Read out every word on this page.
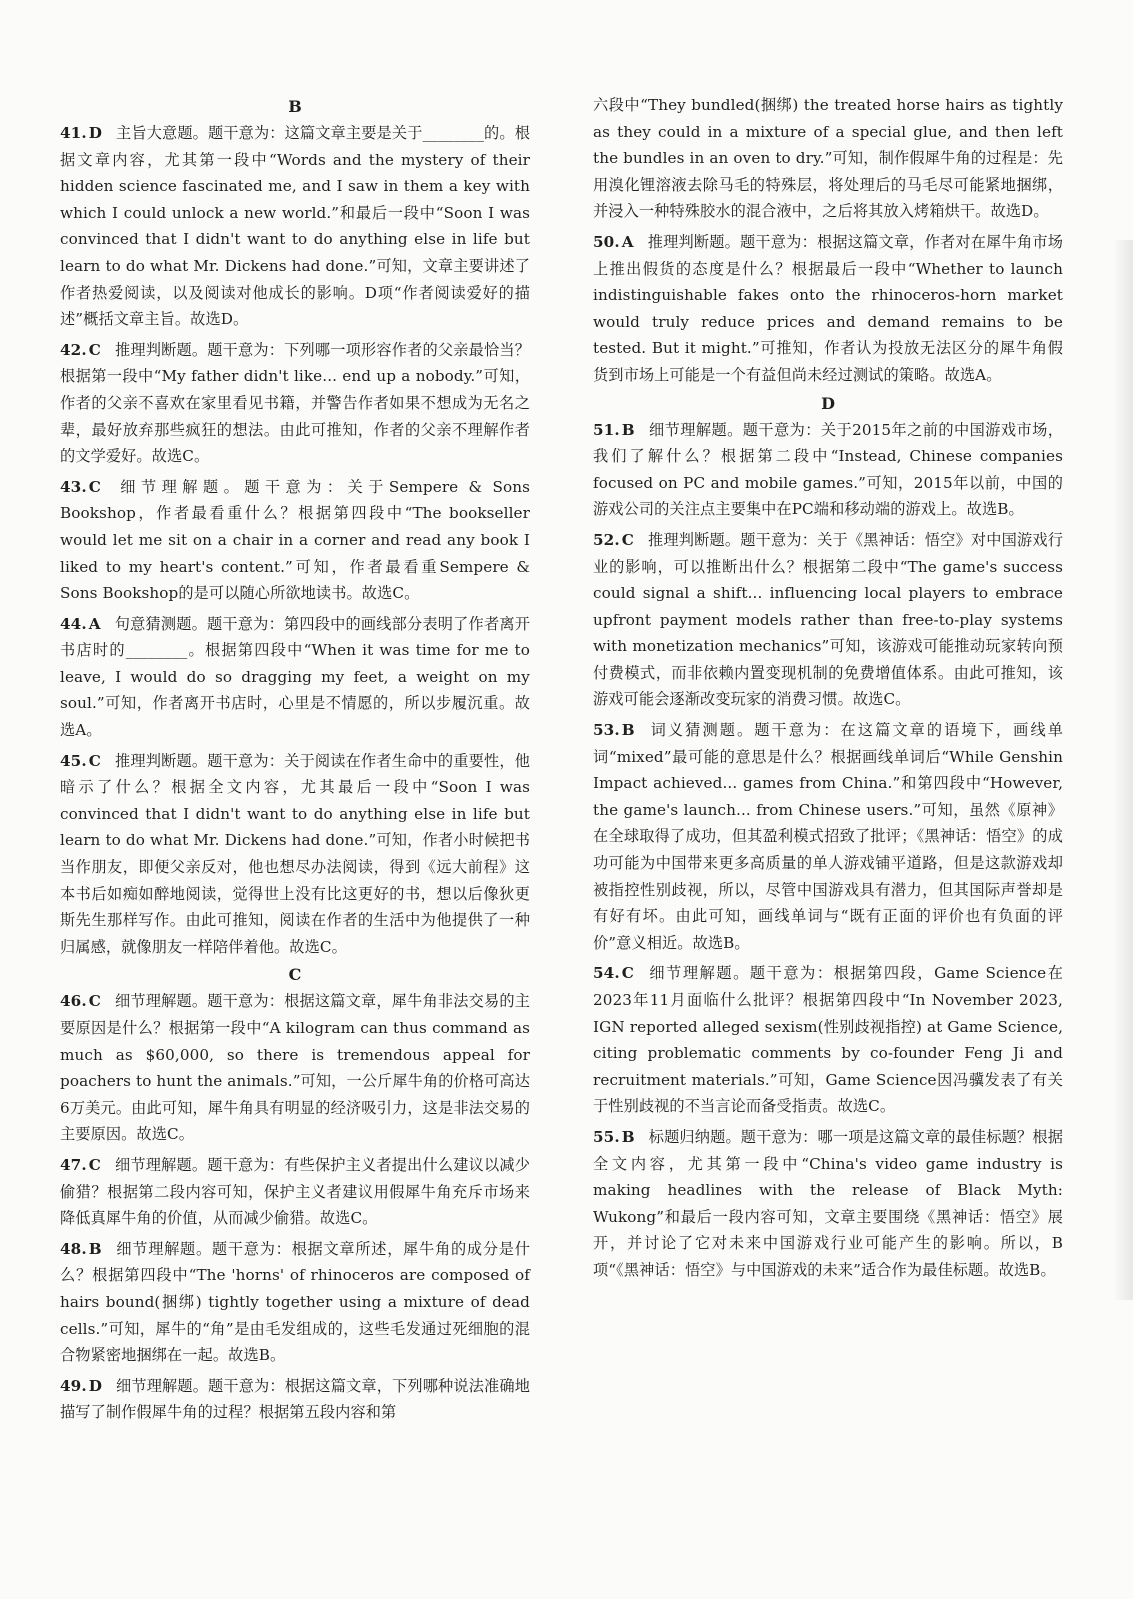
B
41. D 主旨大意题。题干意为：这篇文章主要是关于________的。根据文章内容，尤其第一段中“Words and the mystery of their hidden science fascinated me, and I saw in them a key with which I could unlock a new world.”和最后一段中“Soon I was convinced that I didn't want to do anything else in life but learn to do what Mr. Dickens had done.”可知，文章主要讲述了作者热爱阅读，以及阅读对他成长的影响。D项“作者阅读爱好的描述”概括文章主旨。故选D。
42. C 推理判断题。题干意为：下列哪一项形容作者的父亲最恰当？根据第一段中“My father didn't like... end up a nobody.”可知，作者的父亲不喜欢在家里看见书籍，并警告作者如果不想成为无名之辈，最好放弃那些疯狂的想法。由此可推知，作者的父亲不理解作者的文学爱好。故选C。
43. C 细节理解题。题干意为：关于Sempere & Sons Bookshop，作者最看重什么？根据第四段中“The bookseller would let me sit on a chair in a corner and read any book I liked to my heart's content.”可知，作者最看重Sempere & Sons Bookshop的是可以随心所欲地读书。故选C。
44. A 句意猜测题。题干意为：第四段中的画线部分表明了作者离开书店时的________。根据第四段中“When it was time for me to leave, I would do so dragging my feet, a weight on my soul.”可知，作者离开书店时，心里是不情愿的，所以步履沉重。故选A。
45. C 推理判断题。题干意为：关于阅读在作者生命中的重要性，他暗示了什么？根据全文内容，尤其最后一段中“Soon I was convinced that I didn't want to do anything else in life but learn to do what Mr. Dickens had done.”可知，作者小时候把书当作朋友，即便父亲反对，他也想尽办法阅读，得到《远大前程》这本书后如痴如醉地阅读，觉得世上没有比这更好的书，想以后像狄更斯先生那样写作。由此可推知，阅读在作者的生活中为他提供了一种归属感，就像朋友一样陪伴着他。故选C。
C
46. C 细节理解题。题干意为：根据这篇文章，犀牛角非法交易的主要原因是什么？根据第一段中“A kilogram can thus command as much as $60,000, so there is tremendous appeal for poachers to hunt the animals.”可知，一公斤犀牛角的价格可高达6万美元。由此可知，犀牛角具有明显的经济吸引力，这是非法交易的主要原因。故选C。
47. C 细节理解题。题干意为：有些保护主义者提出什么建议以减少偷猎？根据第二段内容可知，保护主义者建议用假犀牛角充斥市场来降低真犀牛角的价值，从而减少偷猎。故选C。
48. B 细节理解题。题干意为：根据文章所述，犀牛角的成分是什么？根据第四段中“The 'horns' of rhinoceros are composed of hairs bound(捆绑) tightly together using a mixture of dead cells.”可知，犀牛的“角”是由毛发组成的，这些毛发通过死细胞的混合物紧密地捆绑在一起。故选B。
49. D 细节理解题。题干意为：根据这篇文章，下列哪种说法准确地描写了制作假犀牛角的过程？根据第五段内容和第
六段中“They bundled(捆绑) the treated horse hairs as tightly as they could in a mixture of a special glue, and then left the bundles in an oven to dry.”可知，制作假犀牛角的过程是：先用溴化锂溶液去除马毛的特殊层，将处理后的马毛尽可能紧地捆绑，并浸入一种特殊胶水的混合液中，之后将其放入烤箱烘干。故选D。
50. A 推理判断题。题干意为：根据这篇文章，作者对在犀牛角市场上推出假货的态度是什么？根据最后一段中“Whether to launch indistinguishable fakes onto the rhinoceros-horn market would truly reduce prices and demand remains to be tested. But it might.”可推知，作者认为投放无法区分的犀牛角假货到市场上可能是一个有益但尚未经过测试的策略。故选A。
D
51. B 细节理解题。题干意为：关于2015年之前的中国游戏市场，我们了解什么？根据第二段中“Instead, Chinese companies focused on PC and mobile games.”可知，2015年以前，中国的游戏公司的关注点主要集中在PC端和移动端的游戏上。故选B。
52. C 推理判断题。题干意为：关于《黑神话：悟空》对中国游戏行业的影响，可以推断出什么？根据第二段中“The game's success could signal a shift... influencing local players to embrace upfront payment models rather than free-to-play systems with monetization mechanics”可知，该游戏可能推动玩家转向预付费模式，而非依赖内置变现机制的免费增值体系。由此可推知，该游戏可能会逐渐改变玩家的消费习惯。故选C。
53. B 词义猜测题。题干意为：在这篇文章的语境下，画线单词“mixed”最可能的意思是什么？根据画线单词后“While Genshin Impact achieved... games from China.”和第四段中“However, the game's launch... from Chinese users.”可知，虽然《原神》在全球取得了成功，但其盈利模式招致了批评；《黑神话：悟空》的成功可能为中国带来更多高质量的单人游戏铺平道路，但是这款游戏却被指控性别歧视，所以，尽管中国游戏具有潜力，但其国际声誉却是有好有坏。由此可知，画线单词与“既有正面的评价也有负面的评价”意义相近。故选B。
54. C 细节理解题。题干意为：根据第四段，Game Science在2023年11月面临什么批评？根据第四段中“In November 2023, IGN reported alleged sexism(性别歧视指控) at Game Science, citing problematic comments by co-founder Feng Ji and recruitment materials.”可知，Game Science因冯骥发表了有关于性别歧视的不当言论而备受指责。故选C。
55. B 标题归纳题。题干意为：哪一项是这篇文章的最佳标题？根据全文内容，尤其第一段中“China's video game industry is making headlines with the release of Black Myth: Wukong”和最后一段内容可知，文章主要围绕《黑神话：悟空》展开，并讨论了它对未来中国游戏行业可能产生的影响。所以，B项“《黑神话：悟空》与中国游戏的未来”适合作为最佳标题。故选B。
